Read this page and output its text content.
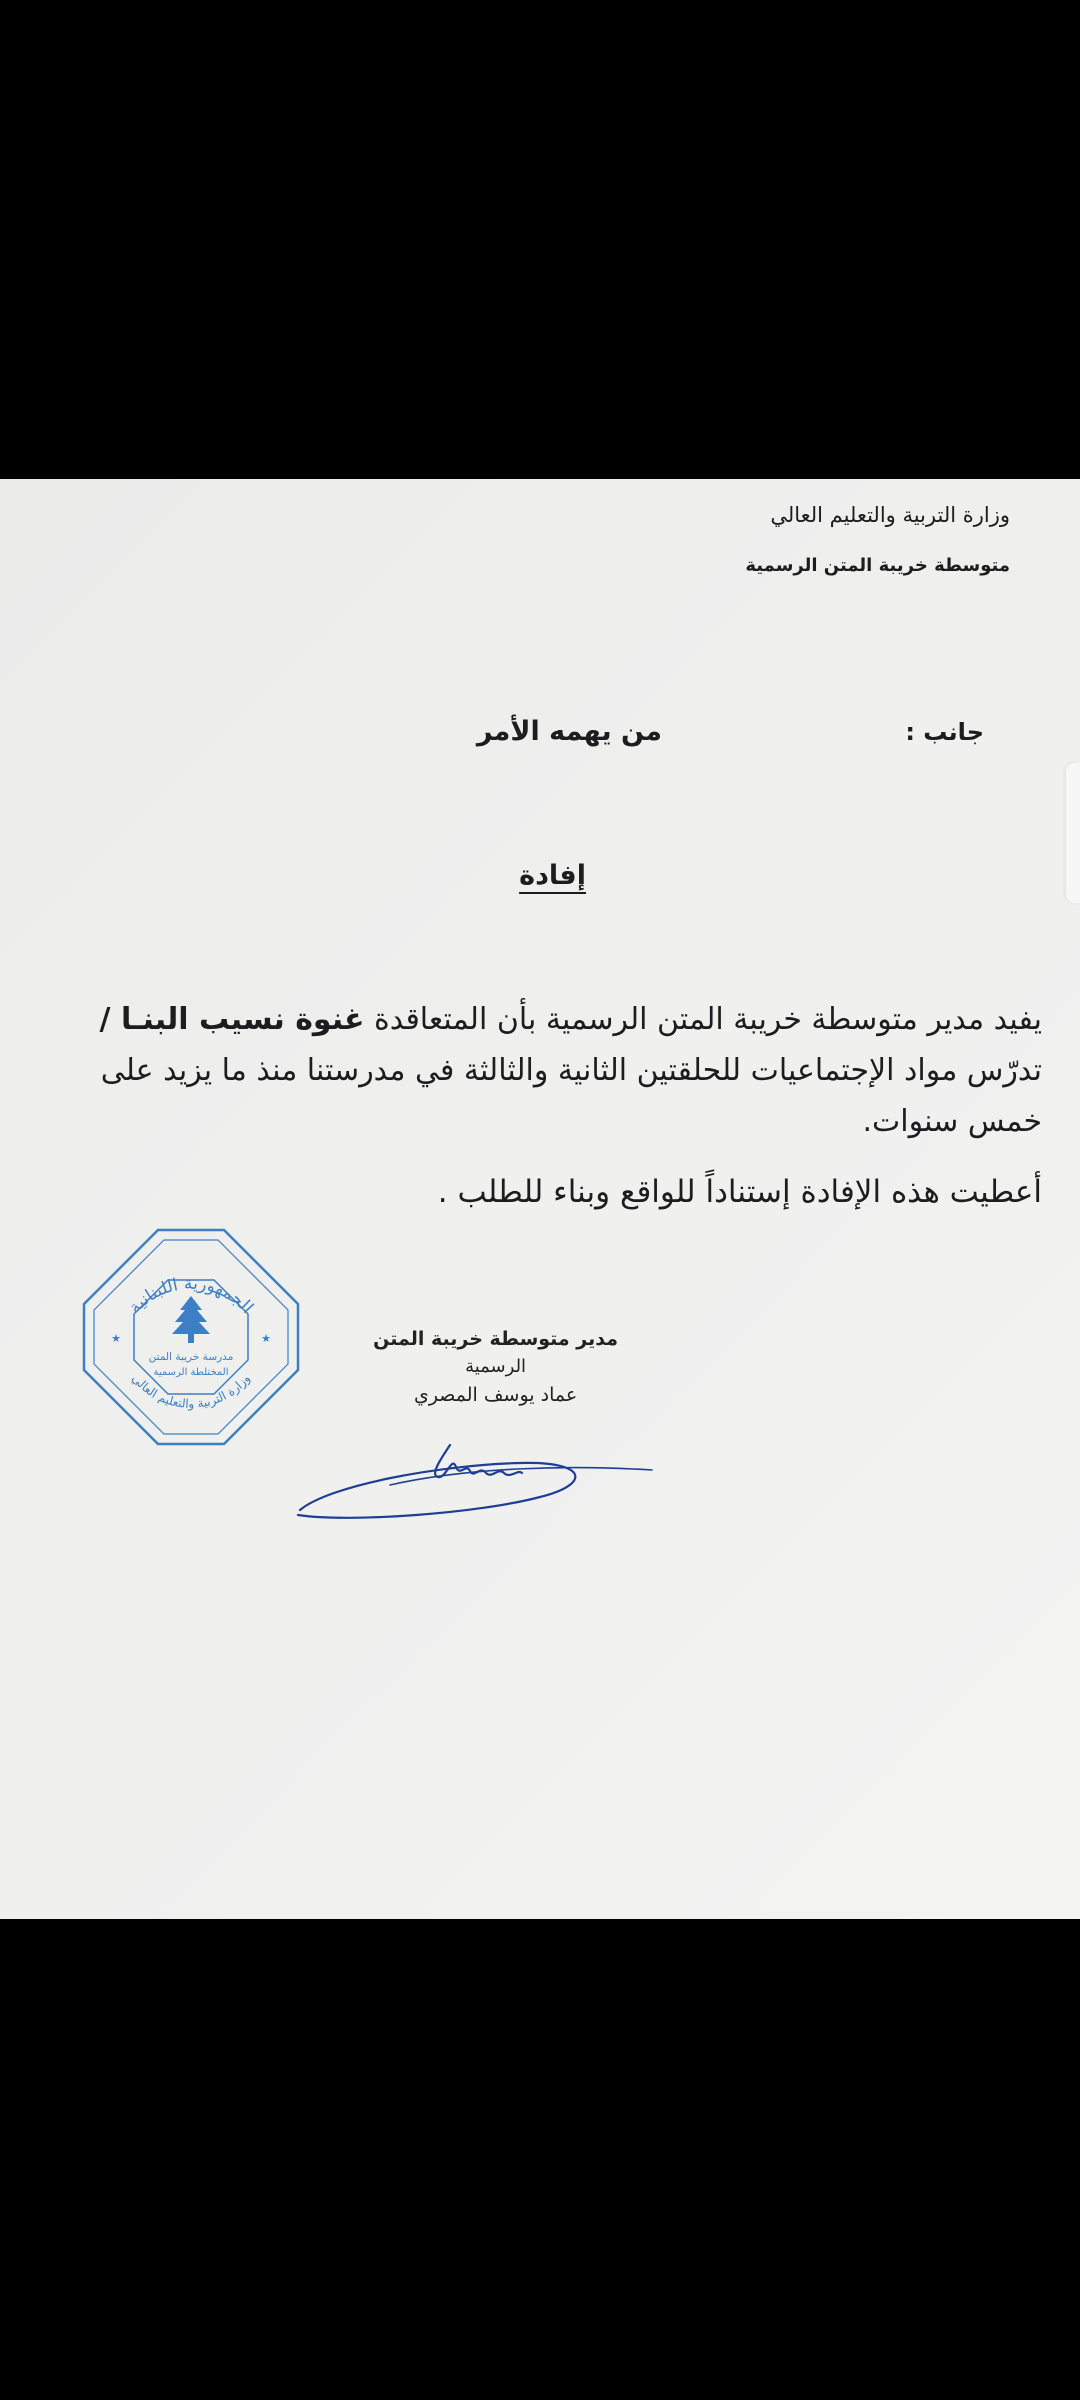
وزارة التربية والتعليم العالي
متوسطة خريبة المتن الرسمية
جانب :
من يهمه الأمر
إفادة

يفيد مدير متوسطة خريبة المتن الرسمية بأن المتعاقدة غنوة نسيب البنـا / تدرّس مواد الإجتماعيات للحلقتين الثانية والثالثة في مدرستنا منذ ما يزيد على خمس سنوات.

أعطيت هذه الإفادة إستناداً للواقع وبناء للطلب .
الجمهورية اللبنانية
وزارة التربية والتعليم العالي
مدرسة خريبة المتن
المختلطة الرسمية
★	★	مدير متوسطة خريبة المتن
الرسمية
عماد يوسف المصري
